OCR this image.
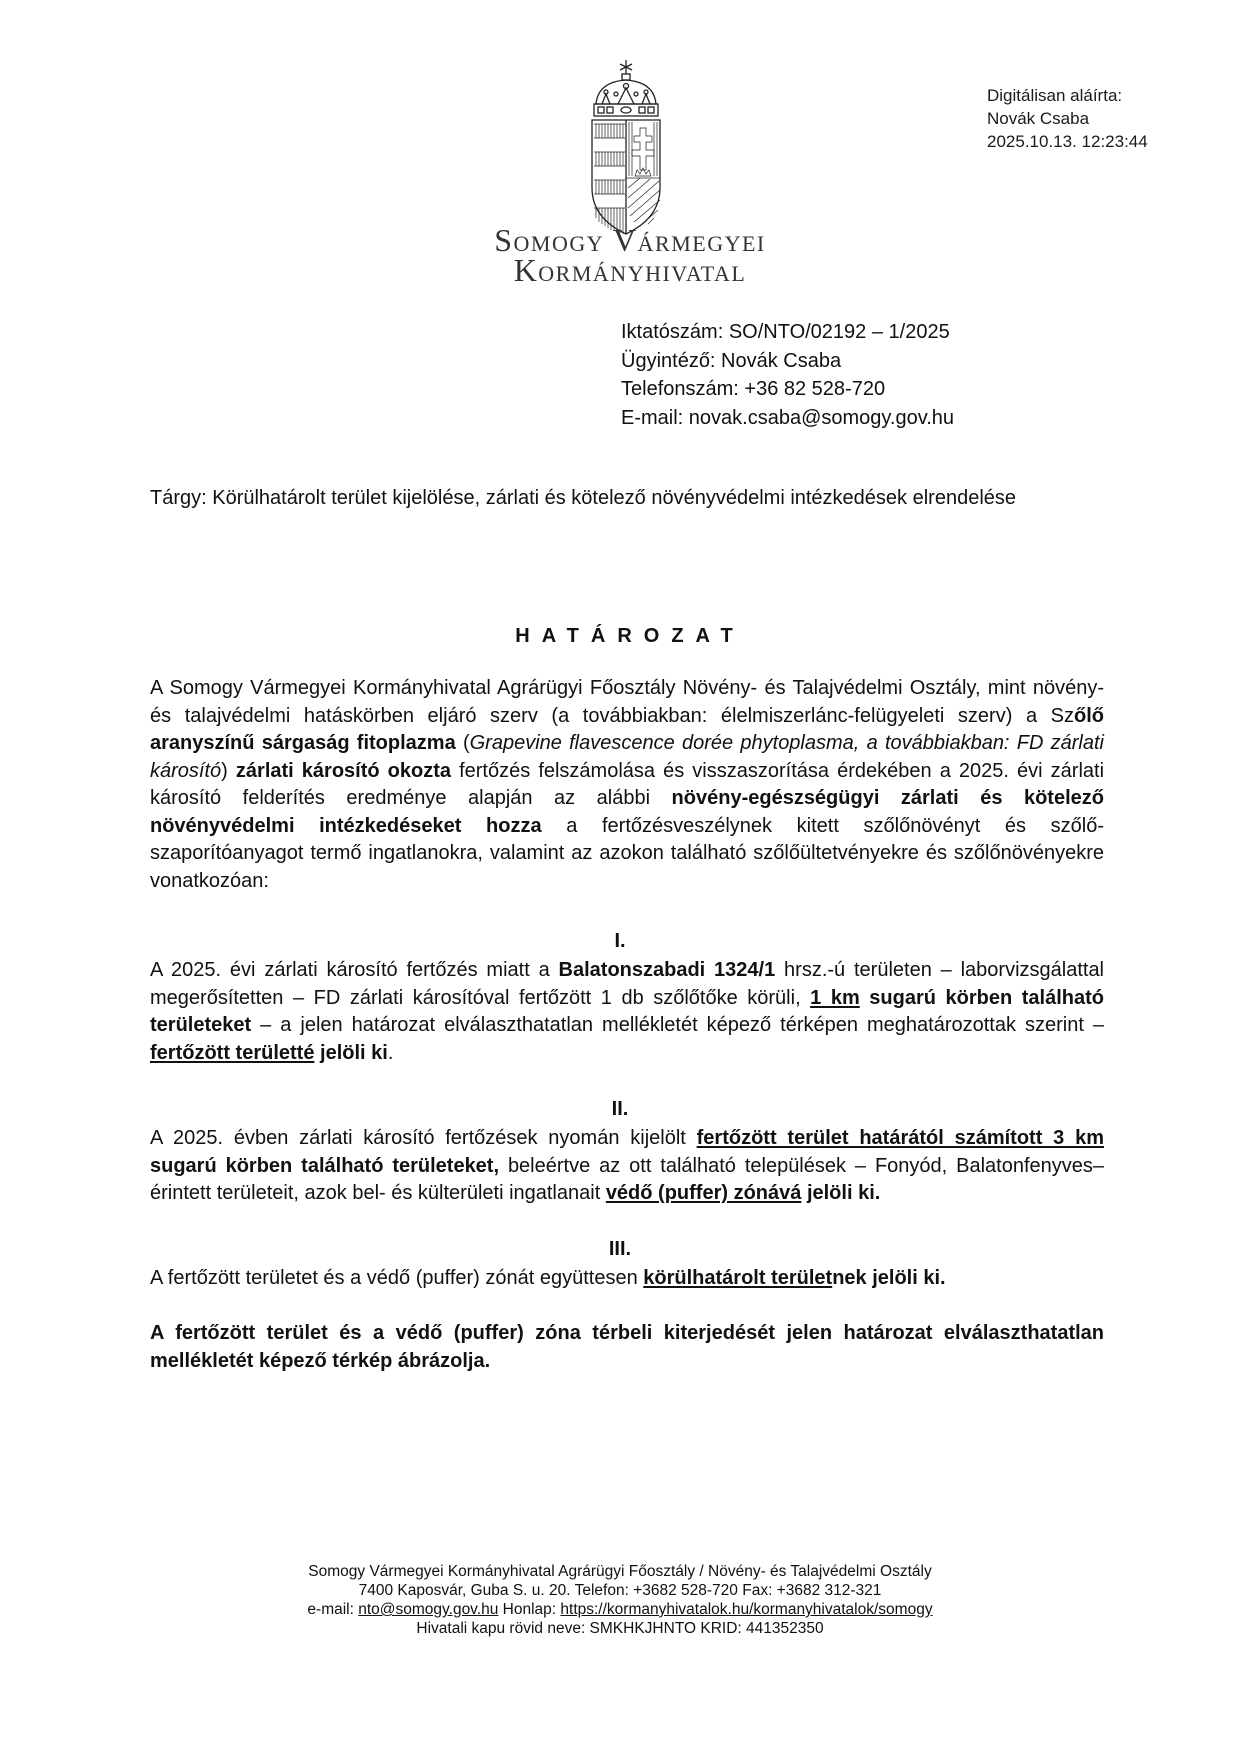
Somogy Vármegyei
Kormányhivatal
Digitálisan aláírta:
Novák Csaba
2025.10.13. 12:23:44
Iktatószám: SO/NTO/02192 – 1/2025
Ügyintéző: Novák Csaba
Telefonszám: +36 82 528-720
E-mail: novak.csaba@somogy.gov.hu
Tárgy: Körülhatárolt terület kijelölése, zárlati és kötelező növényvédelmi intézkedések elrendelése
HATÁROZAT
A Somogy Vármegyei Kormányhivatal Agrárügyi Főosztály Növény- és Talajvédelmi Osztály, mint növény- és talajvédelmi hatáskörben eljáró szerv (a továbbiakban: élelmiszerlánc-felügyeleti szerv) a Szőlő aranyszínű sárgaság fitoplazma (Grapevine flavescence dorée phytoplasma, a továbbiakban: FD zárlati károsító) zárlati károsító okozta fertőzés felszámolása és visszaszorítása érdekében a 2025. évi zárlati károsító felderítés eredménye alapján az alábbi növény-egészségügyi zárlati és kötelező növényvédelmi intézkedéseket hozza a fertőzésveszélynek kitett szőlőnövényt és szőlő-szaporítóanyagot termő ingatlanokra, valamint az azokon található szőlőültetvényekre és szőlőnövényekre vonatkozóan:
I.
A 2025. évi zárlati károsító fertőzés miatt a Balatonszabadi 1324/1 hrsz.-ú területen – laborvizsgálattal megerősítetten – FD zárlati károsítóval fertőzött 1 db szőlőtőke körüli, 1 km sugarú körben található területeket – a jelen határozat elválaszthatatlan mellékletét képező térképen meghatározottak szerint –fertőzött területté jelöli ki.
II.
A 2025. évben zárlati károsító fertőzések nyomán kijelölt fertőzött terület határától számított 3 km sugarú körben található területeket, beleértve az ott található települések – Fonyód, Balatonfenyves– érintett területeit, azok bel- és külterületi ingatlanait védő (puffer) zónává jelöli ki.
III.
A fertőzött területet és a védő (puffer) zónát együttesen körülhatárolt területnek jelöli ki.
A fertőzött terület és a védő (puffer) zóna térbeli kiterjedését jelen határozat elválaszthatatlan mellékletét képező térkép ábrázolja.
Somogy Vármegyei Kormányhivatal Agrárügyi Főosztály / Növény- és Talajvédelmi Osztály
7400 Kaposvár, Guba S. u. 20. Telefon: +3682 528-720 Fax: +3682 312-321
e-mail: nto@somogy.gov.hu Honlap: https://kormanyhivatalok.hu/kormanyhivatalok/somogy
Hivatali kapu rövid neve: SMKHKJHNTO KRID: 441352350
